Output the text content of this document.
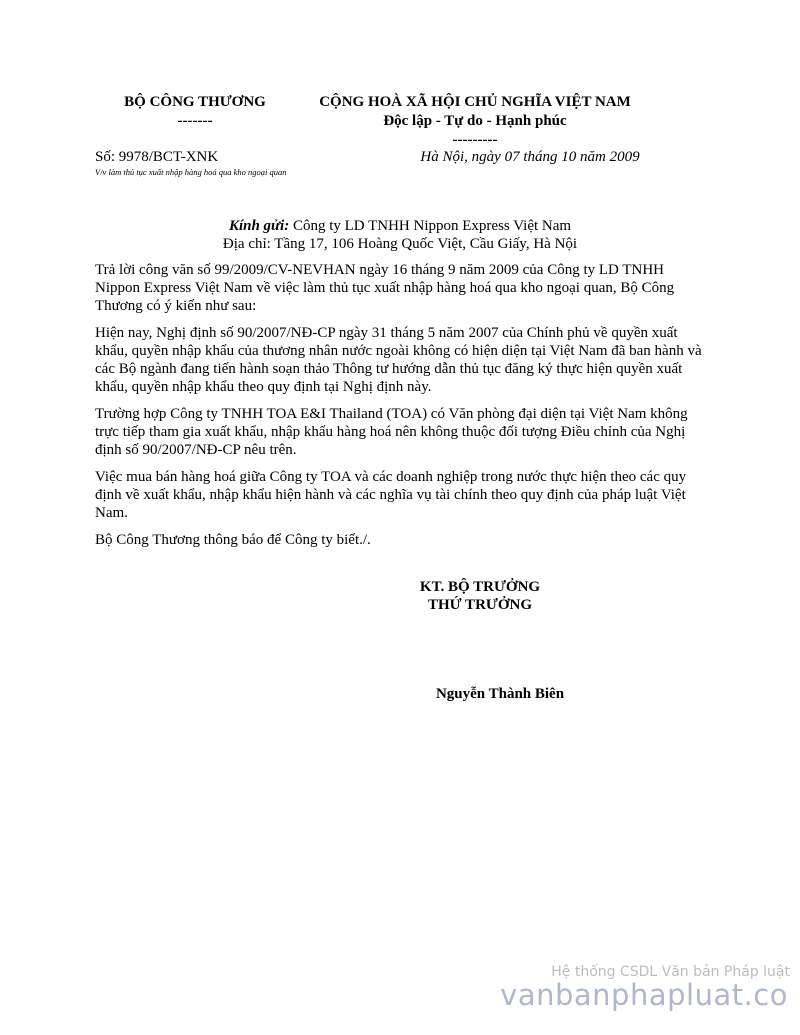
BỘ CÔNG THƯƠNG
-------
CỘNG HOÀ XÃ HỘI CHỦ NGHĨA VIỆT NAM
Độc lập - Tự do - Hạnh phúc
---------
Số: 9978/BCT-XNK
V/v làm thủ tục xuất nhập hàng hoá qua kho ngoại quan
Hà Nội, ngày 07 tháng 10 năm 2009
Kính gửi: Công ty LD TNHH Nippon Express Việt Nam
Địa chỉ: Tầng 17, 106 Hoàng Quốc Việt, Cầu Giấy, Hà Nội

Trả lời công văn số 99/2009/CV-NEVHAN ngày 16 tháng 9 năm 2009 của Công ty LD TNHH Nippon Express Việt Nam về việc làm thủ tục xuất nhập hàng hoá qua kho ngoại quan, Bộ Công Thương có ý kiến như sau:

Hiện nay, Nghị định số 90/2007/NĐ-CP ngày 31 tháng 5 năm 2007 của Chính phủ về quyền xuất khẩu, quyền nhập khẩu của thương nhân nước ngoài không có hiện diện tại Việt Nam đã ban hành và các Bộ ngành đang tiến hành soạn thảo Thông tư hướng dẫn thủ tục đăng ký thực hiện quyền xuất khẩu, quyền nhập khẩu theo quy định tại Nghị định này.

Trường hợp Công ty TNHH TOA E&I Thailand (TOA) có Văn phòng đại diện tại Việt Nam không trực tiếp tham gia xuất khẩu, nhập khẩu hàng hoá nên không thuộc đối tượng Điều chỉnh của Nghị định số 90/2007/NĐ-CP nêu trên.

Việc mua bán hàng hoá giữa Công ty TOA và các doanh nghiệp trong nước thực hiện theo các quy định về xuất khẩu, nhập khẩu hiện hành và các nghĩa vụ tài chính theo quy định của pháp luật Việt Nam.

Bộ Công Thương thông báo để Công ty biết./.

KT. BỘ TRƯỞNG
THỨ TRƯỞNG
Nguyễn Thành Biên
Hệ thống CSDL Văn bản Pháp luật
vanbanphapluat.co
